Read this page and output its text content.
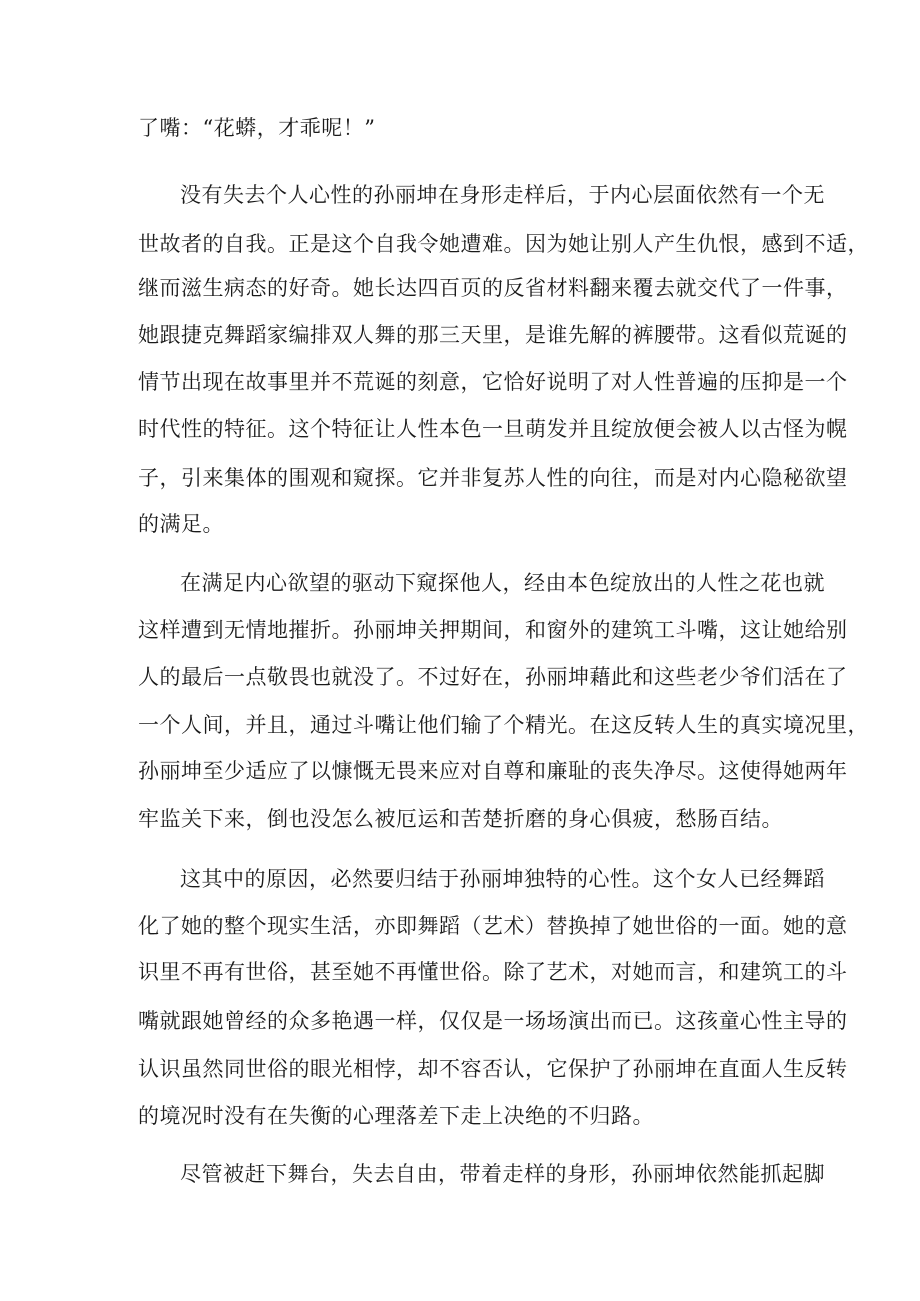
了嘴：“花蟒，才乖呢！”
没有失去个人心性的孙丽坤在身形走样后，于内心层面依然有一个无
世故者的自我。正是这个自我令她遭难。因为她让别人产生仇恨，感到不适，
继而滋生病态的好奇。她长达四百页的反省材料翻来覆去就交代了一件事，
她跟捷克舞蹈家编排双人舞的那三天里，是谁先解的裤腰带。这看似荒诞的
情节出现在故事里并不荒诞的刻意，它恰好说明了对人性普遍的压抑是一个
时代性的特征。这个特征让人性本色一旦萌发并且绽放便会被人以古怪为幌
子，引来集体的围观和窥探。它并非复苏人性的向往，而是对内心隐秘欲望
的满足。
在满足内心欲望的驱动下窥探他人，经由本色绽放出的人性之花也就
这样遭到无情地摧折。孙丽坤关押期间，和窗外的建筑工斗嘴，这让她给别
人的最后一点敬畏也就没了。不过好在，孙丽坤藉此和这些老少爷们活在了
一个人间，并且，通过斗嘴让他们输了个精光。在这反转人生的真实境况里，
孙丽坤至少适应了以慷慨无畏来应对自尊和廉耻的丧失净尽。这使得她两年
牢监关下来，倒也没怎么被厄运和苦楚折磨的身心俱疲，愁肠百结。
这其中的原因，必然要归结于孙丽坤独特的心性。这个女人已经舞蹈
化了她的整个现实生活，亦即舞蹈（艺术）替换掉了她世俗的一面。她的意
识里不再有世俗，甚至她不再懂世俗。除了艺术，对她而言，和建筑工的斗
嘴就跟她曾经的众多艳遇一样，仅仅是一场场演出而已。这孩童心性主导的
认识虽然同世俗的眼光相悖，却不容否认，它保护了孙丽坤在直面人生反转
的境况时没有在失衡的心理落差下走上决绝的不归路。
尽管被赶下舞台，失去自由，带着走样的身形，孙丽坤依然能抓起脚
